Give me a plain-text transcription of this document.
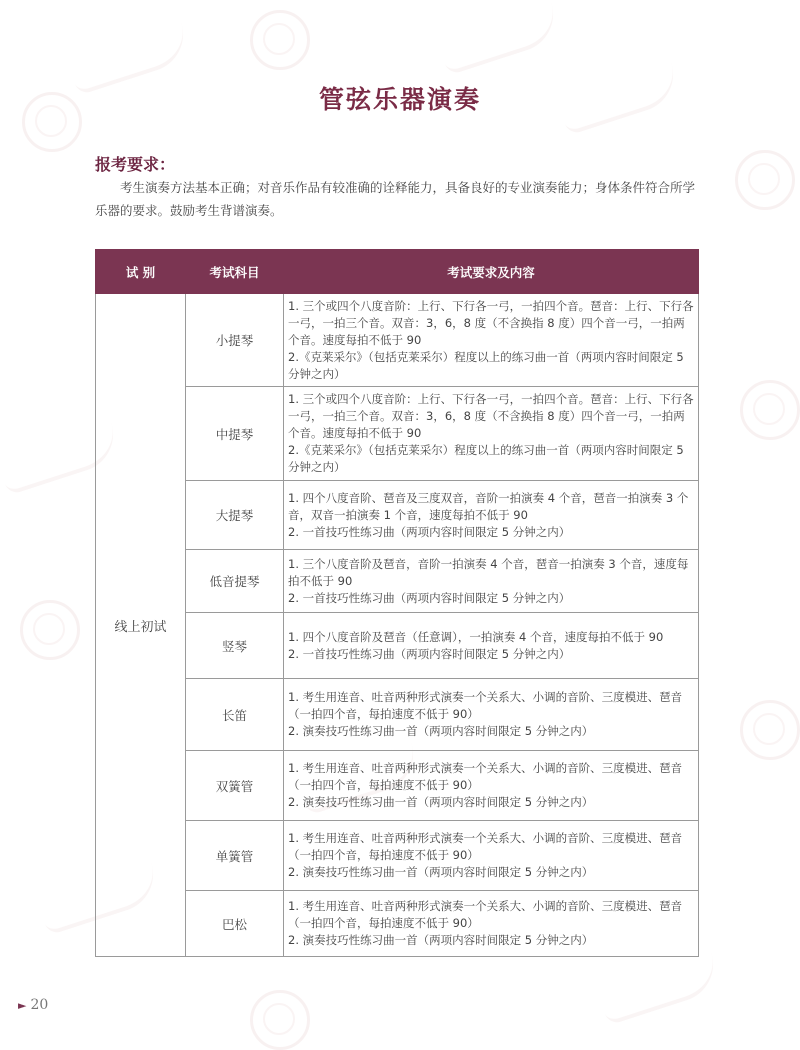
管弦乐器演奏
报考要求：
考生演奏方法基本正确；对音乐作品有较准确的诠释能力，具备良好的专业演奏能力；身体条件符合所学乐器的要求。鼓励考生背谱演奏。
试 别	考试科目	考试要求及内容
线上初试	小提琴	1. 三个或四个八度音阶：上行、下行各一弓，一拍四个音。琶音：上行、下行各一弓，一拍三个音。双音：3，6，8 度（不含换指 8 度）四个音一弓，一拍两个音。速度每拍不低于 90
2.《克莱采尔》（包括克莱采尔）程度以上的练习曲一首（两项内容时间限定 5 分钟之内）

	中提琴	1. 三个或四个八度音阶：上行、下行各一弓，一拍四个音。琶音：上行、下行各一弓，一拍三个音。双音：3，6，8 度（不含换指 8 度）四个音一弓，一拍两个音。速度每拍不低于 90
2.《克莱采尔》（包括克莱采尔）程度以上的练习曲一首（两项内容时间限定 5 分钟之内）

	大提琴	1. 四个八度音阶、琶音及三度双音，音阶一拍演奏 4 个音，琶音一拍演奏 3 个音，双音一拍演奏 1 个音，速度每拍不低于 90
2. 一首技巧性练习曲（两项内容时间限定 5 分钟之内）

	低音提琴	1. 三个八度音阶及琶音，音阶一拍演奏 4 个音，琶音一拍演奏 3 个音，速度每拍不低于 90
2. 一首技巧性练习曲（两项内容时间限定 5 分钟之内）

	竖琴	1. 四个八度音阶及琶音（任意调），一拍演奏 4 个音，速度每拍不低于 90
2. 一首技巧性练习曲（两项内容时间限定 5 分钟之内）

	长笛	1. 考生用连音、吐音两种形式演奏一个关系大、小调的音阶、三度模进、琶音（一拍四个音，每拍速度不低于 90）
2. 演奏技巧性练习曲一首（两项内容时间限定 5 分钟之内）

	双簧管	1. 考生用连音、吐音两种形式演奏一个关系大、小调的音阶、三度模进、琶音（一拍四个音，每拍速度不低于 90）
2. 演奏技巧性练习曲一首（两项内容时间限定 5 分钟之内）

	单簧管	1. 考生用连音、吐音两种形式演奏一个关系大、小调的音阶、三度模进、琶音（一拍四个音，每拍速度不低于 90）
2. 演奏技巧性练习曲一首（两项内容时间限定 5 分钟之内）

	巴松	1. 考生用连音、吐音两种形式演奏一个关系大、小调的音阶、三度模进、琶音（一拍四个音，每拍速度不低于 90）
2. 演奏技巧性练习曲一首（两项内容时间限定 5 分钟之内）
► 20
